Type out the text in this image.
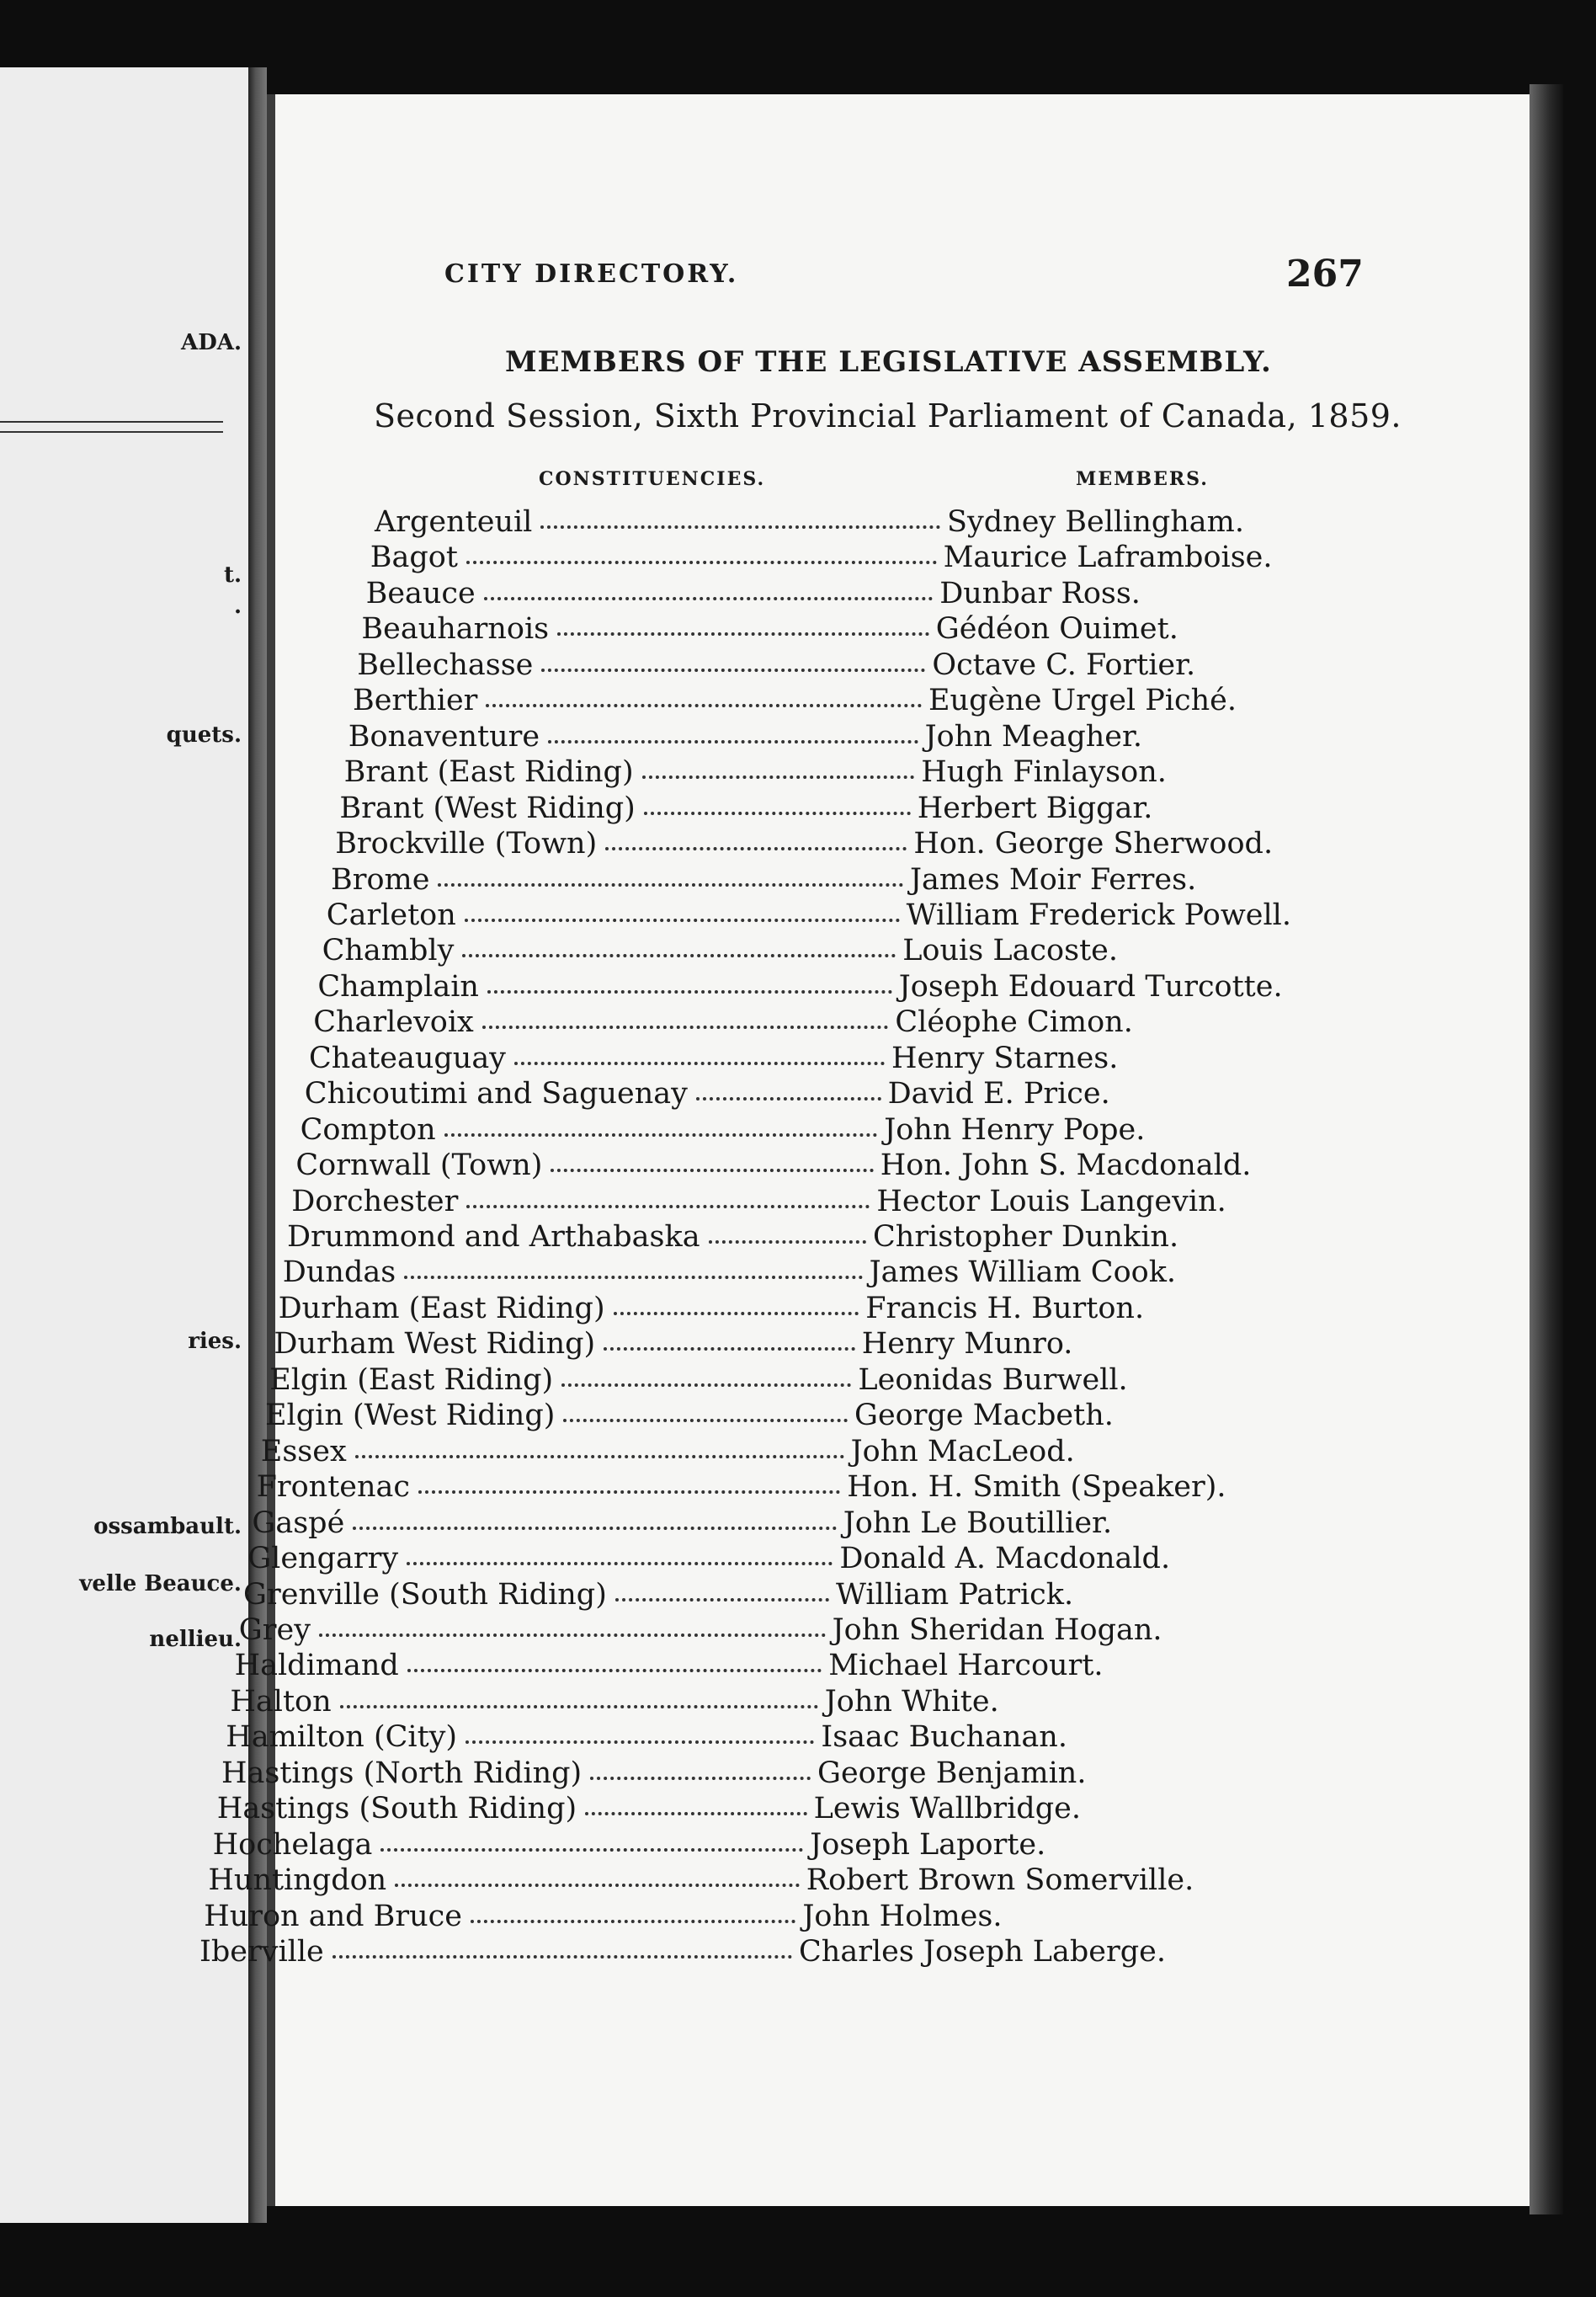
ADA.
t.
.
quets.
ries.
ossambault.
velle Beauce.
nellieu.
CITY DIRECTORY.	267
MEMBERS OF THE LEGISLATIVE ASSEMBLY.
Second Session, Sixth Provincial Parliament of Canada, 1859.
CONSTITUENCIES.	MEMBERS.
Argenteuil	Sydney Bellingham.
Bagot	Maurice Laframboise.
Beauce	Dunbar Ross.
Beauharnois	Gédéon Ouimet.
Bellechasse	Octave C. Fortier.
Berthier	Eugène Urgel Piché.
Bonaventure	John Meagher.
Brant (East Riding)	Hugh Finlayson.
Brant (West Riding)	Herbert Biggar.
Brockville (Town)	Hon. George Sherwood.
Brome	James Moir Ferres.
Carleton	William Frederick Powell.
Chambly	Louis Lacoste.
Champlain	Joseph Edouard Turcotte.
Charlevoix	Cléophe Cimon.
Chateauguay	Henry Starnes.
Chicoutimi and Saguenay	David E. Price.
Compton	John Henry Pope.
Cornwall (Town)	Hon. John S. Macdonald.
Dorchester	Hector Louis Langevin.
Drummond and Arthabaska	Christopher Dunkin.
Dundas	James William Cook.
Durham (East Riding)	Francis H. Burton.
Durham West Riding)	Henry Munro.
Elgin (East Riding)	Leonidas Burwell.
Elgin (West Riding)	George Macbeth.
Essex	John MacLeod.
Frontenac	Hon. H. Smith (Speaker).
Gaspé	John Le Boutillier.
Glengarry	Donald A. Macdonald.
Grenville (South Riding)	William Patrick.
Grey	John Sheridan Hogan.
Haldimand	Michael Harcourt.
Halton	John White.
Hamilton (City)	Isaac Buchanan.
Hastings (North Riding)	George Benjamin.
Hastings (South Riding)	Lewis Wallbridge.
Hochelaga	Joseph Laporte.
Huntingdon	Robert Brown Somerville.
Huron and Bruce	John Holmes.
Iberville	Charles Joseph Laberge.
